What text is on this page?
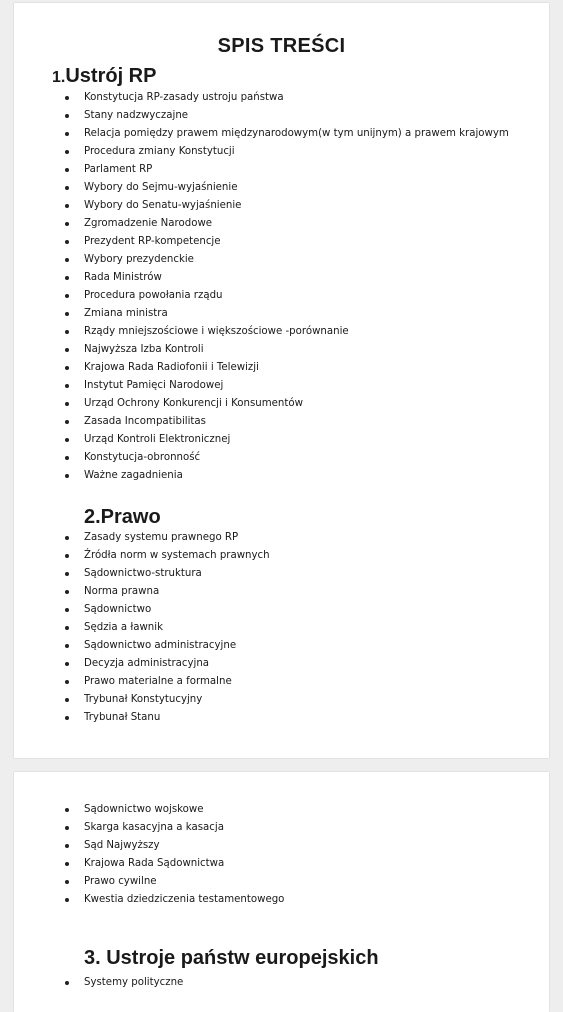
SPIS TREŚCI
1.Ustrój RP
Konstytucja RP-zasady ustroju państwa
Stany nadzwyczajne
Relacja pomiędzy prawem międzynarodowym(w tym unijnym) a prawem krajowym
Procedura zmiany Konstytucji
Parlament RP
Wybory do Sejmu-wyjaśnienie
Wybory do Senatu-wyjaśnienie
Zgromadzenie Narodowe
Prezydent RP-kompetencje
Wybory prezydenckie
Rada Ministrów
Procedura powołania rządu
Zmiana ministra
Rządy mniejszościowe i większościowe -porównanie
Najwyższa Izba Kontroli
Krajowa Rada Radiofonii i Telewizji
Instytut Pamięci Narodowej
Urząd Ochrony Konkurencji i Konsumentów
Zasada Incompatibilitas
Urząd Kontroli Elektronicznej
Konstytucja-obronność
Ważne zagadnienia
2.Prawo
Zasady systemu prawnego RP
Źródła norm w systemach prawnych
Sądownictwo-struktura
Norma prawna
Sądownictwo
Sędzia a ławnik
Sądownictwo administracyjne
Decyzja administracyjna
Prawo materialne a formalne
Trybunał Konstytucyjny
Trybunał Stanu
Sądownictwo wojskowe
Skarga kasacyjna a kasacja
Sąd Najwyższy
Krajowa Rada Sądownictwa
Prawo cywilne
Kwestia dziedziczenia testamentowego
3. Ustroje państw europejskich
Systemy polityczne
